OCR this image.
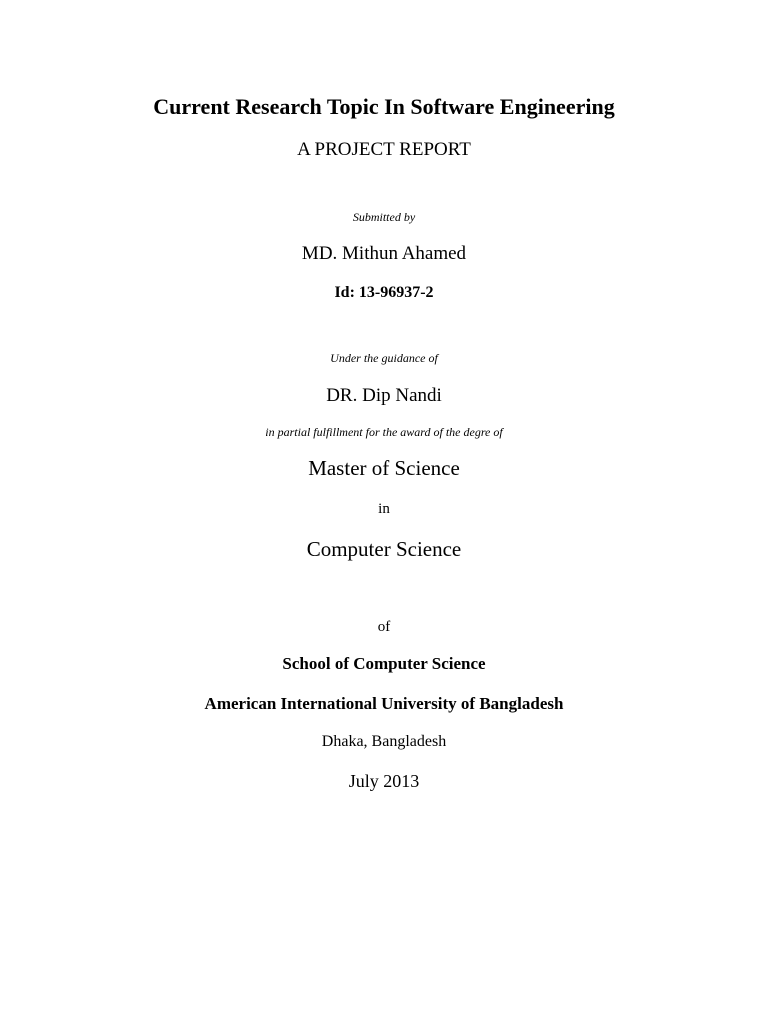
Current Research Topic In Software Engineering
A PROJECT REPORT
Submitted by
MD. Mithun Ahamed
Id: 13-96937-2
Under the guidance of
DR. Dip Nandi
in partial fulfillment for the award of the degre of
Master of Science
in
Computer Science
of
School of Computer Science
American International University of Bangladesh
Dhaka, Bangladesh
July 2013
